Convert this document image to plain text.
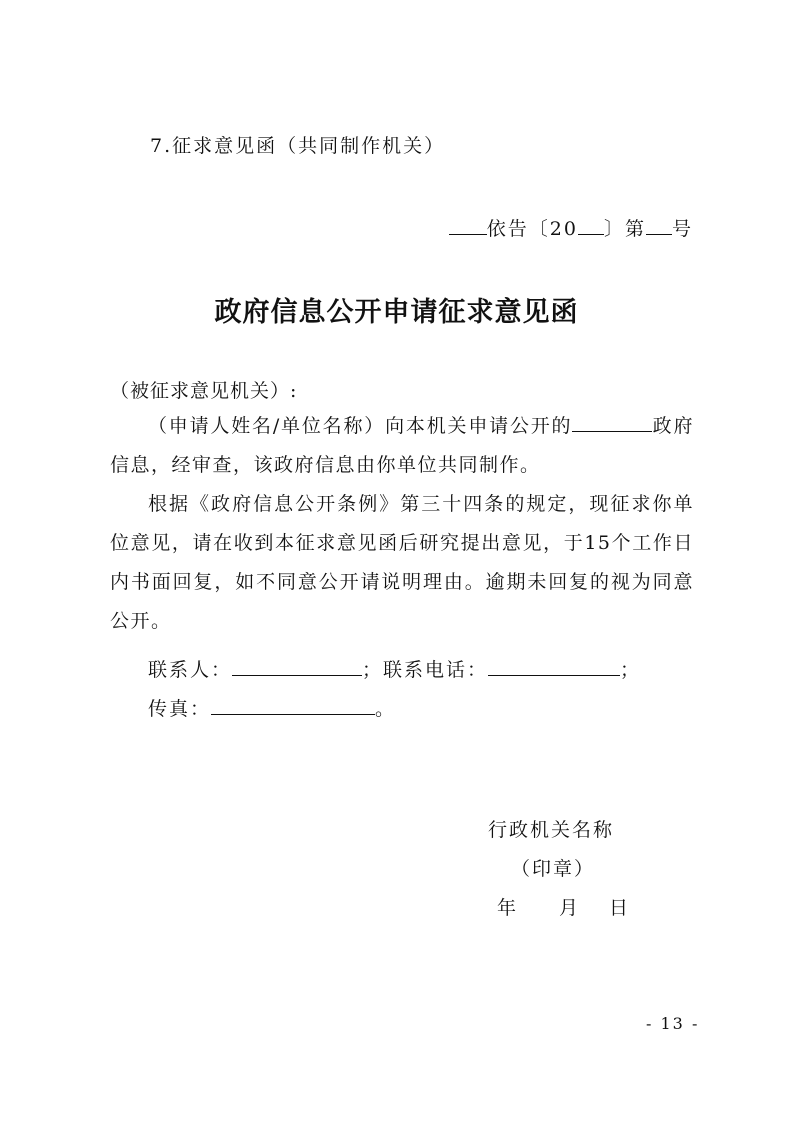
7.征求意见函（共同制作机关）
依告〔20 〕第 号
政府信息公开申请征求意见函
（被征求意见机关）:
（申请人姓名/单位名称）向本机关申请公开的	政府信息，经审查，该政府信息由你单位共同制作。
根据《政府信息公开条例》第三十四条的规定，现征求你单位意见，请在收到本征求意见函后研究提出意见，于15个工作日内书面回复，如不同意公开请说明理由。逾期未回复的视为同意公开。
联系人：	；联系电话：	；
传真：	。
行政机关名称
（印章）
年　 月　日
- 13 -
